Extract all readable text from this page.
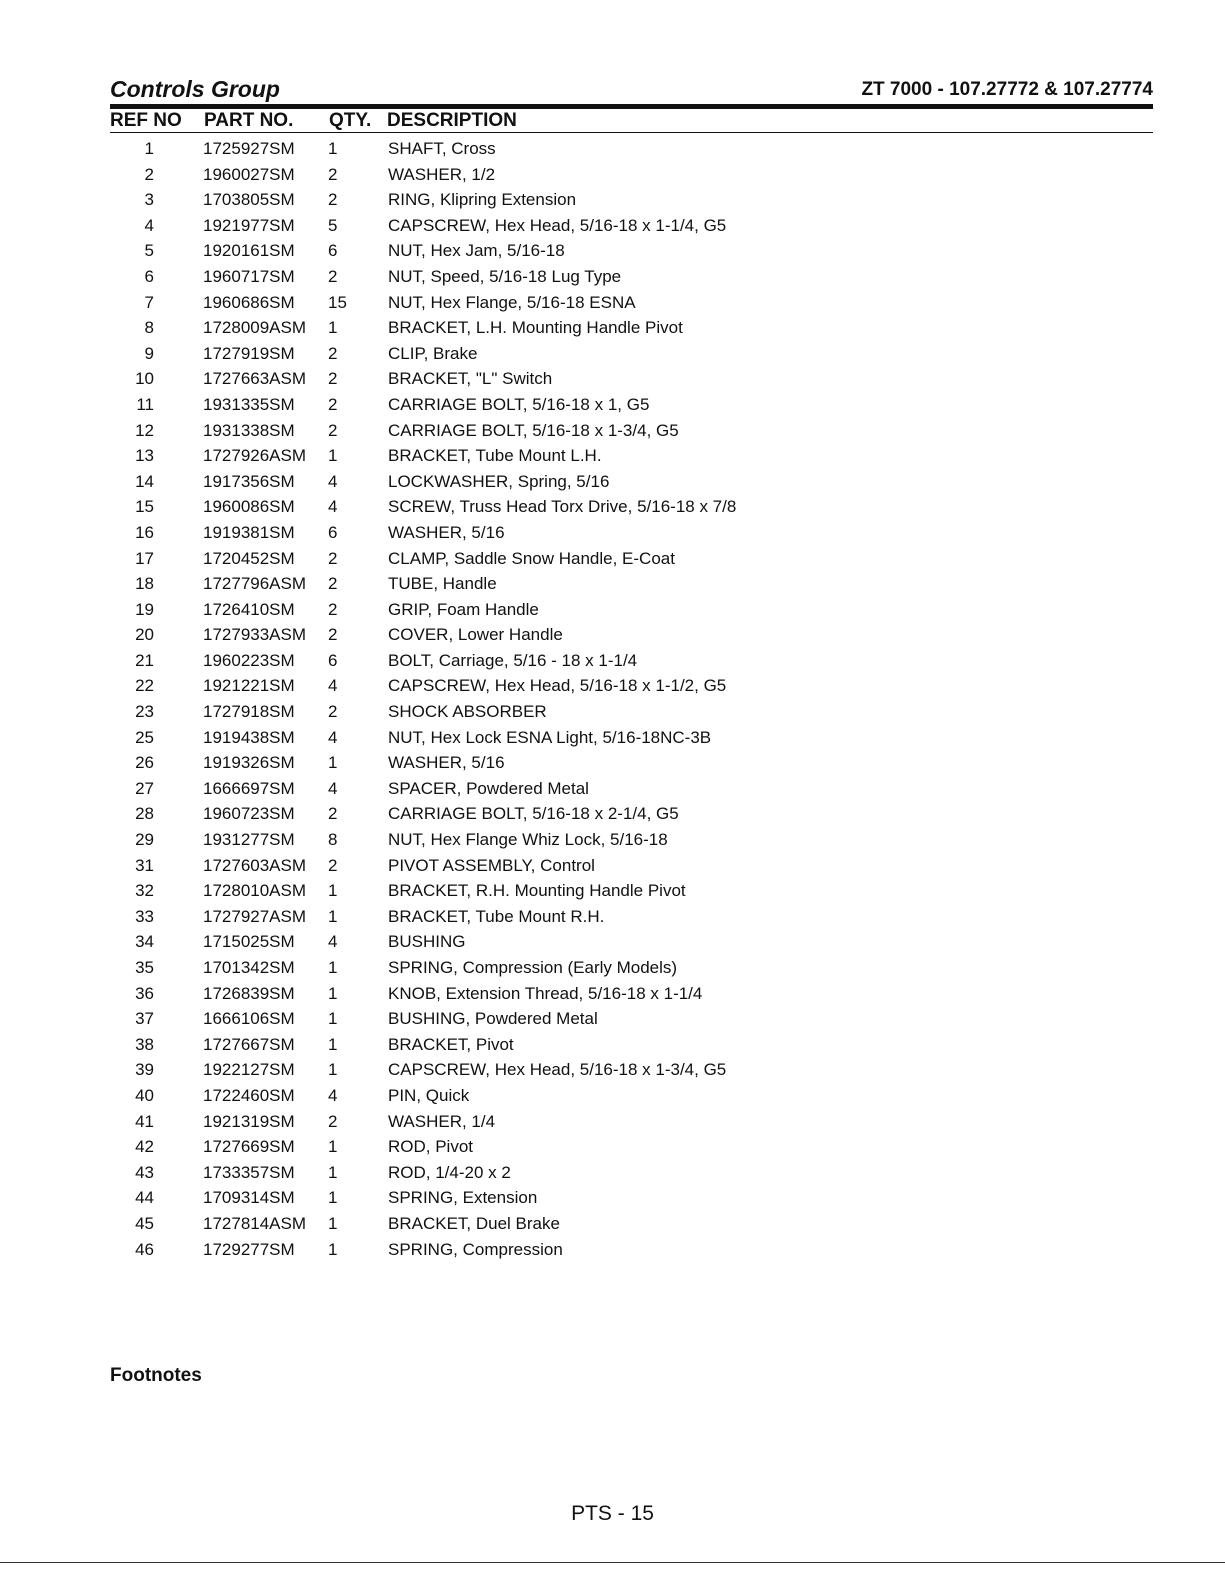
Controls Group	ZT 7000 - 107.27772 & 107.27774
REF NO PART NO. QTY. DESCRIPTION
1	1725927SM 1	SHAFT, Cross
2	1960027SM 2	WASHER, 1/2
3	1703805SM 2	RING, Klipring Extension
4	1921977SM 5	CAPSCREW, Hex Head, 5/16-18 x 1-1/4, G5
5	1920161SM 6	NUT, Hex Jam, 5/16-18
6	1960717SM 2	NUT, Speed, 5/16-18 Lug Type
7	1960686SM 15 NUT, Hex Flange, 5/16-18 ESNA
8	1728009ASM 1	BRACKET, L.H. Mounting Handle Pivot
9	1727919SM 2	CLIP, Brake
10	1727663ASM 2	BRACKET, "L" Switch
11	1931335SM 2	CARRIAGE BOLT, 5/16-18 x 1, G5
12	1931338SM 2	CARRIAGE BOLT, 5/16-18 x 1-3/4, G5
13	1727926ASM 1	BRACKET, Tube Mount L.H.
14	1917356SM 4	LOCKWASHER, Spring, 5/16
15	1960086SM 4	SCREW, Truss Head Torx Drive, 5/16-18 x 7/8
16	1919381SM 6	WASHER, 5/16
17	1720452SM 2	CLAMP, Saddle Snow Handle, E-Coat
18	1727796ASM 2	TUBE, Handle
19	1726410SM 2	GRIP, Foam Handle
20	1727933ASM 2	COVER, Lower Handle
21	1960223SM 6	BOLT, Carriage, 5/16 - 18 x 1-1/4
22	1921221SM 4	CAPSCREW, Hex Head, 5/16-18 x 1-1/2, G5
23	1727918SM 2	SHOCK ABSORBER
25	1919438SM 4	NUT, Hex Lock ESNA Light, 5/16-18NC-3B
26	1919326SM 1	WASHER, 5/16
27	1666697SM 4	SPACER, Powdered Metal
28	1960723SM 2	CARRIAGE BOLT, 5/16-18 x 2-1/4, G5
29	1931277SM 8	NUT, Hex Flange Whiz Lock, 5/16-18
31	1727603ASM 2	PIVOT ASSEMBLY, Control
32	1728010ASM 1	BRACKET, R.H. Mounting Handle Pivot
33	1727927ASM 1	BRACKET, Tube Mount R.H.
34	1715025SM 4	BUSHING
35	1701342SM 1	SPRING, Compression (Early Models)
36	1726839SM 1	KNOB, Extension Thread, 5/16-18 x 1-1/4
37	1666106SM 1	BUSHING, Powdered Metal
38	1727667SM 1	BRACKET, Pivot
39	1922127SM 1	CAPSCREW, Hex Head, 5/16-18 x 1-3/4, G5
40	1722460SM 4	PIN, Quick
41	1921319SM 2	WASHER, 1/4
42	1727669SM 1	ROD, Pivot
43	1733357SM 1	ROD, 1/4-20 x 2
44	1709314SM 1	SPRING, Extension
45	1727814ASM 1	BRACKET, Duel Brake
46	1729277SM 1	SPRING, Compression
Footnotes
PTS - 15
